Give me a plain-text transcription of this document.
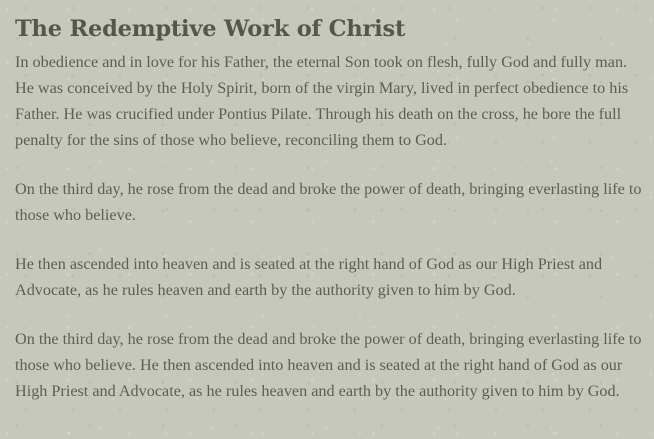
The Redemptive Work of Christ

In obedience and in love for his Father, the eternal Son took on flesh, fully God and fully man. He was conceived by the Holy Spirit, born of the virgin Mary, lived in perfect obedience to his Father. He was crucified under Pontius Pilate. Through his death on the cross, he bore the full penalty for the sins of those who believe, reconciling them to God.

On the third day, he rose from the dead and broke the power of death, bringing everlasting life to those who believe.

He then ascended into heaven and is seated at the right hand of God as our High Priest and Advocate, as he rules heaven and earth by the authority given to him by God.

On the third day, he rose from the dead and broke the power of death, bringing everlasting life to those who believe. He then ascended into heaven and is seated at the right hand of God as our High Priest and Advocate, as he rules heaven and earth by the authority given to him by God.
